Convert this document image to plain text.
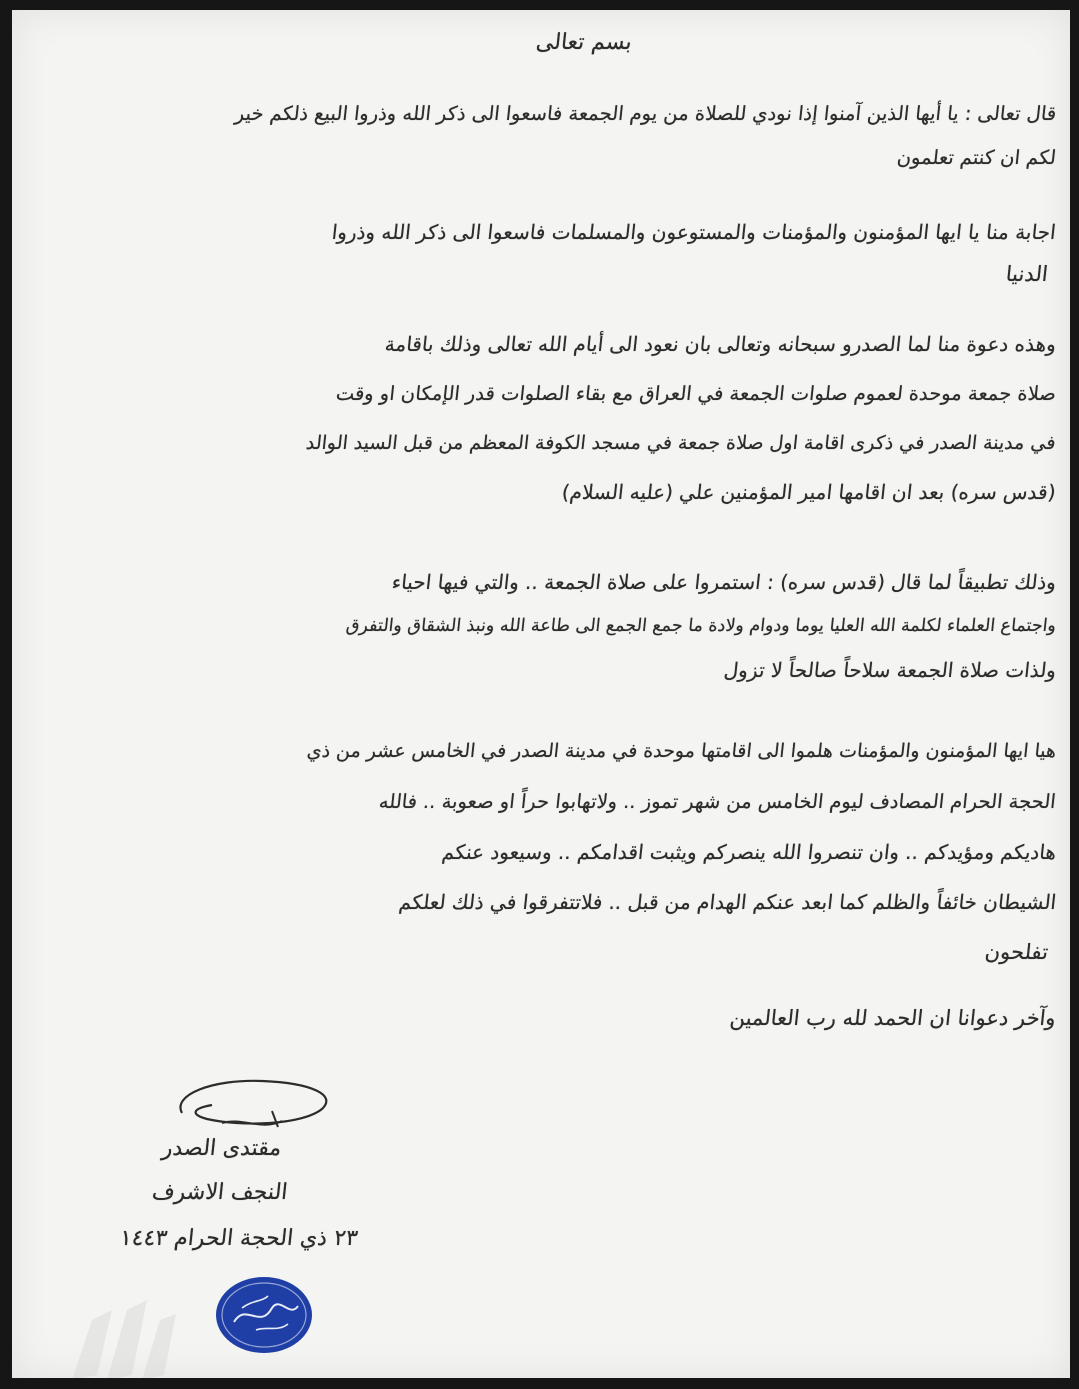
بسم تعالى
قال تعالى : يا أيها الذين آمنوا إذا نودي للصلاة من يوم الجمعة فاسعوا الى ذكر الله وذروا البيع ذلكم خير
لكم ان كنتم تعلمون
اجابة منا يا ايها المؤمنون والمؤمنات والمستوعون والمسلمات فاسعوا الى ذكر الله وذروا
الدنيا
وهذه دعوة منا لما الصدرو سبحانه وتعالى بان نعود الى أيام الله تعالى وذلك باقامة
صلاة جمعة موحدة لعموم صلوات الجمعة في العراق مع بقاء الصلوات قدر الإمكان او وقت
في مدينة الصدر في ذكرى اقامة اول صلاة جمعة في مسجد الكوفة المعظم من قبل السيد الوالد
(قدس سره) بعد ان اقامها امير المؤمنين علي (عليه السلام)
وذلك تطبيقاً لما قال (قدس سره) : استمروا على صلاة الجمعة .. والتي فيها احياء
واجتماع العلماء لكلمة الله العليا يوما ودوام ولادة ما جمع الجمع الى طاعة الله ونبذ الشقاق والتفرق
ولذات صلاة الجمعة سلاحاً صالحاً لا تزول
هيا ايها المؤمنون والمؤمنات هلموا الى اقامتها موحدة في مدينة الصدر في الخامس عشر من ذي
الحجة الحرام المصادف ليوم الخامس من شهر تموز .. ولاتهابوا حراً او صعوبة .. فالله
هاديكم ومؤيدكم .. وان تنصروا الله ينصركم ويثبت اقدامكم .. وسيعود عنكم
الشيطان خائفاً والظلم كما ابعد عنكم الهدام من قبل .. فلاتتفرقوا في ذلك لعلكم
تفلحون
وآخر دعوانا ان الحمد لله رب العالمين
مقتدى الصدر
النجف الاشرف
٢٣ ذي الحجة الحرام ١٤٤٣
